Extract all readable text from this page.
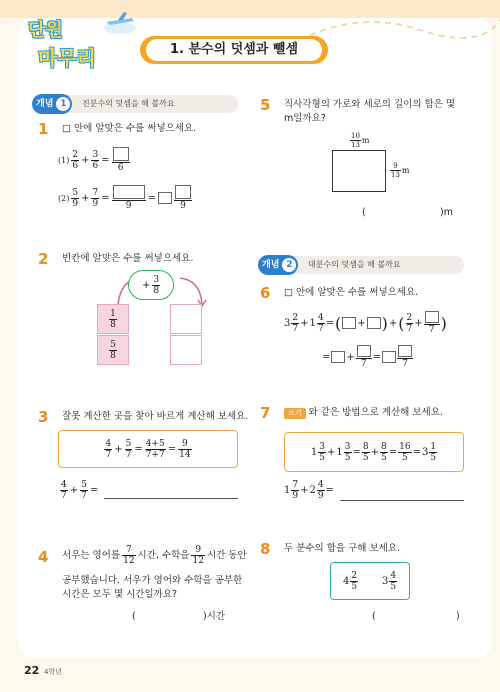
단원
마무리	1. 분수의 덧셈과 뺄셈
개념 1	진분수의 덧셈을 해 볼까요
1 □ 안에 알맞은 수를 써넣으세요.
$(1) \frac{2}{6} + \frac{3}{6}$ =
6
$(2) \frac{5}{9} + \frac{7}{9}$ =
9
=
9
2 빈칸에 알맞은 수를 써넣으세요.
+ $\frac{3}{8}$
$\frac{1}{8}$
$\frac{5}{8}$
3 잘못 계산한 곳을 찾아 바르게 계산해 보세요.
$\frac{4}{7} + \frac{5}{7} = \frac{4+5}{7+7} = \frac{9}{14}$
$\frac{4}{7} + \frac{5}{7}$ =
4 서우는 영어를 $\frac{7}{12}$ 시간, 수학을 $\frac{9}{12}$ 시간 동안
공부했습니다. 서우가 영어와 수학을 공부한
시간은 모두 몇 시간일까요?
(	)시간
5 직사각형의 가로와 세로의 길이의 합은 몇
m일까요?
$\frac{10}{13}$ m
$\frac{9}{13}$ m
(	)m
개념 2	대분수의 덧셈을 해 볼까요
6 □ 안에 알맞은 수를 써넣으세요.
$3 \frac{2}{7} + 1 \frac{4}{7}$ = ( + ) + ( $\frac{2}{7}$ +
7 )
= +
7
=
7
7	보기 와 같은 방법으로 계산해 보세요.
$1 \frac{3}{5} + 1 \frac{3}{5} = \frac{8}{5} + \frac{8}{5} = \frac{16}{5} = 3 \frac{1}{5}$
$1 \frac{7}{9} + 2 \frac{4}{9}$ =
8 두 분수의 합을 구해 보세요.
$4 \frac{2}{5} 3 \frac{4}{5}$
(	)
22 4학년
